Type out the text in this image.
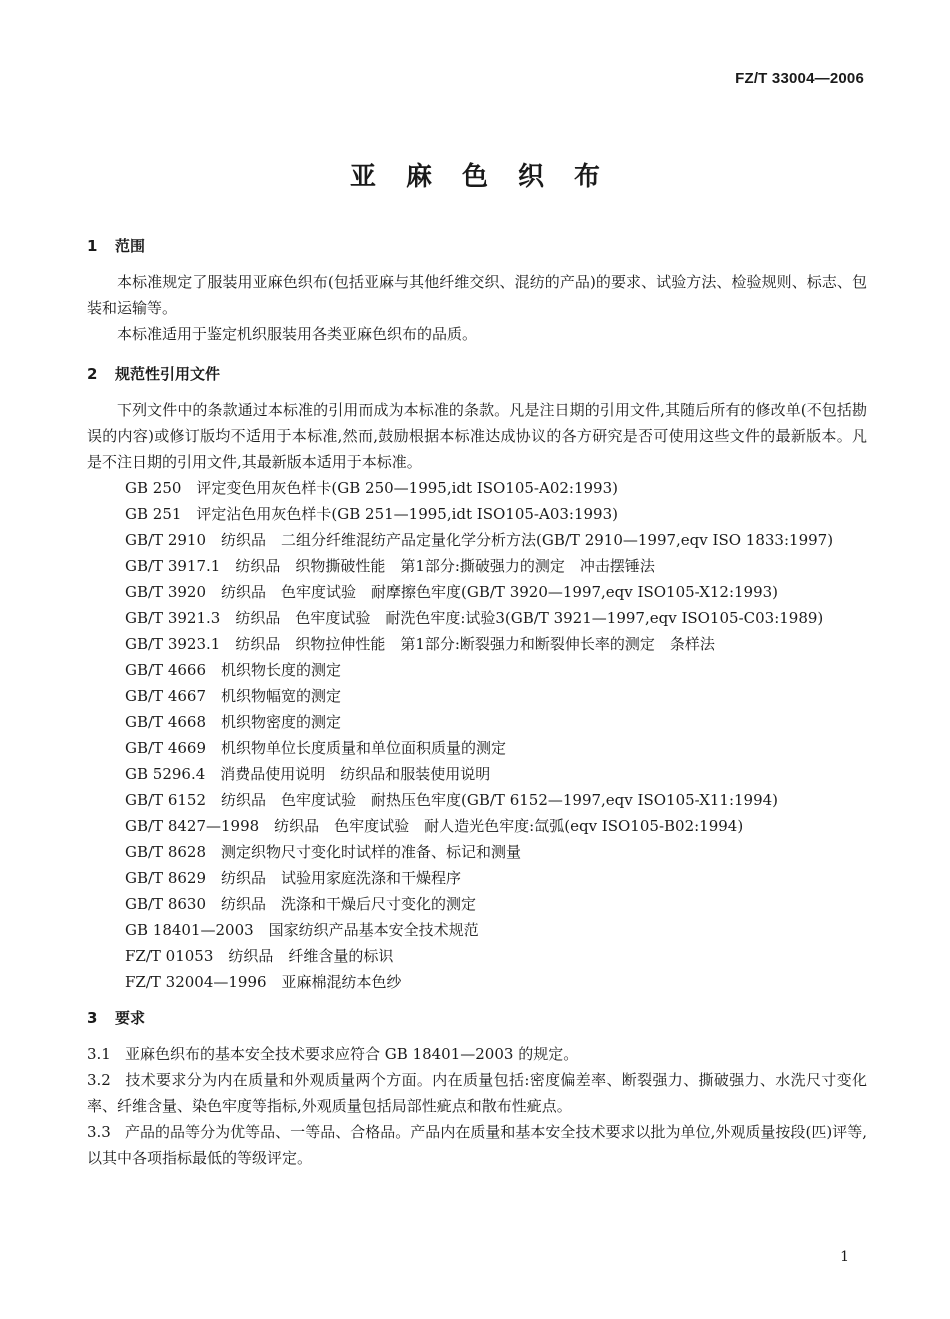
FZ/T 33004—2006
亚麻色织布

1 范围

本标准规定了服装用亚麻色织布(包括亚麻与其他纤维交织、混纺的产品)的要求、试验方法、检验规则、标志、包装和运输等。

本标准适用于鉴定机织服装用各类亚麻色织布的品质。

2 规范性引用文件

下列文件中的条款通过本标准的引用而成为本标准的条款。凡是注日期的引用文件,其随后所有的修改单(不包括勘误的内容)或修订版均不适用于本标准,然而,鼓励根据本标准达成协议的各方研究是否可使用这些文件的最新版本。凡是不注日期的引用文件,其最新版本适用于本标准。

GB 250　评定变色用灰色样卡(GB 250—1995,idt ISO105-A02:1993)

GB 251　评定沾色用灰色样卡(GB 251—1995,idt ISO105-A03:1993)

GB/T 2910　纺织品　二组分纤维混纺产品定量化学分析方法(GB/T 2910—1997,eqv ISO 1833:1997)

GB/T 3917.1　纺织品　织物撕破性能　第1部分:撕破强力的测定　冲击摆锤法

GB/T 3920　纺织品　色牢度试验　耐摩擦色牢度(GB/T 3920—1997,eqv ISO105-X12:1993)

GB/T 3921.3　纺织品　色牢度试验　耐洗色牢度:试验3(GB/T 3921—1997,eqv ISO105-C03:1989)

GB/T 3923.1　纺织品　织物拉伸性能　第1部分:断裂强力和断裂伸长率的测定　条样法

GB/T 4666　机织物长度的测定

GB/T 4667　机织物幅宽的测定

GB/T 4668　机织物密度的测定

GB/T 4669　机织物单位长度质量和单位面积质量的测定

GB 5296.4　消费品使用说明　纺织品和服装使用说明

GB/T 6152　纺织品　色牢度试验　耐热压色牢度(GB/T 6152—1997,eqv ISO105-X11:1994)

GB/T 8427—1998　纺织品　色牢度试验　耐人造光色牢度:氙弧(eqv ISO105-B02:1994)

GB/T 8628　测定织物尺寸变化时试样的准备、标记和测量

GB/T 8629　纺织品　试验用家庭洗涤和干燥程序

GB/T 8630　纺织品　洗涤和干燥后尺寸变化的测定

GB 18401—2003　国家纺织产品基本安全技术规范

FZ/T 01053　纺织品　纤维含量的标识

FZ/T 32004—1996　亚麻棉混纺本色纱

3 要求

3.1 亚麻色织布的基本安全技术要求应符合 GB 18401—2003 的规定。

3.2 技术要求分为内在质量和外观质量两个方面。内在质量包括:密度偏差率、断裂强力、撕破强力、水洗尺寸变化率、纤维含量、染色牢度等指标,外观质量包括局部性疵点和散布性疵点。

3.3 产品的品等分为优等品、一等品、合格品。产品内在质量和基本安全技术要求以批为单位,外观质量按段(匹)评等,以其中各项指标最低的等级评定。

1
